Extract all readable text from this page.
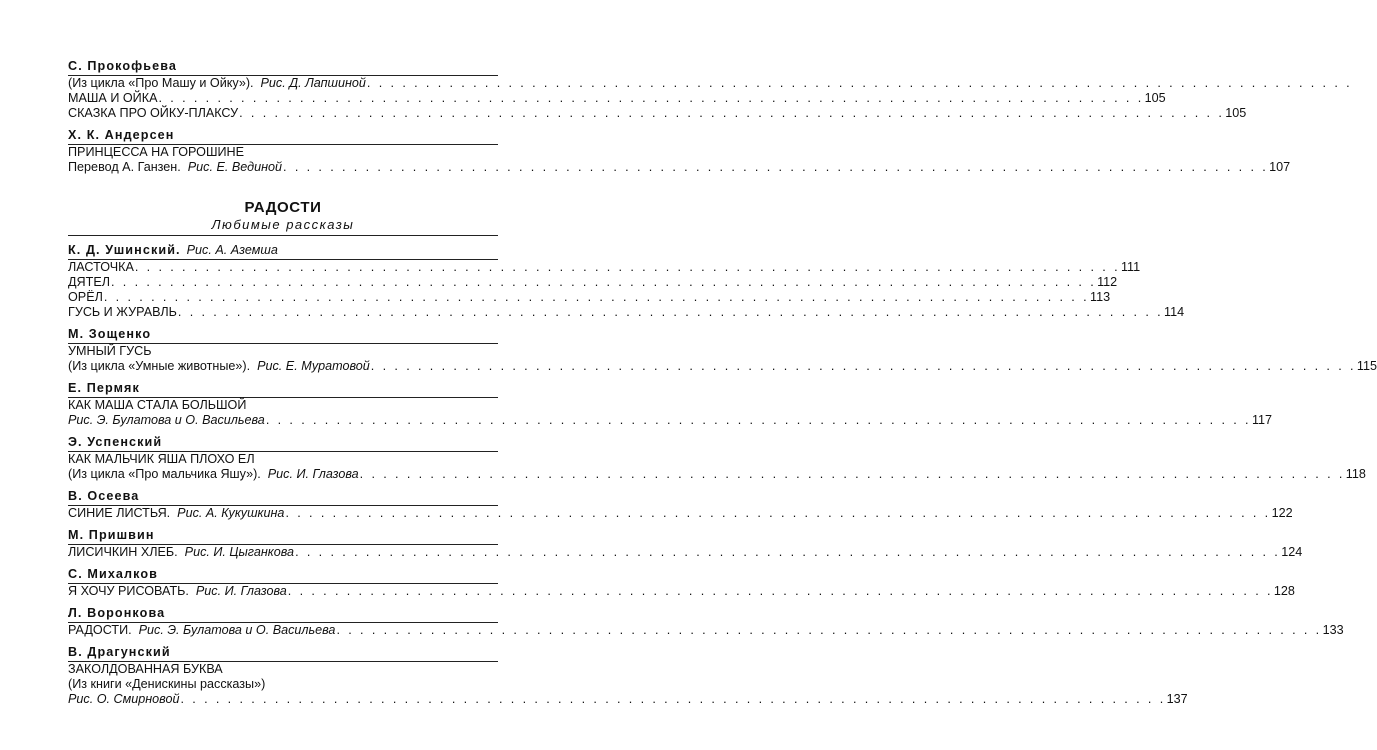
С. Прокофьева
(Из цикла «Про Машу и Ойку»). Рис. Д. Лапшиной . . . . . . . . . . . . . . . . . . . . . . . . . . . . . . . . . . . . . . . . . . . . . . . . . . . . . . . . . . . . . . . . . . . . . . . . . . . . . . . . . . . .
МАША И ОЙКА . . . . . . . . . . . . . . . . . . . . . . . . . . . . . . . . . . . . . . . . . . . . . . . . . . . . . . . . . . . . . . . . . . . . . . . . . . . . . . . . . . . . 105
СКАЗКА ПРО ОЙКУ-ПЛАКСУ . . . . . . . . . . . . . . . . . . . . . . . . . . . . . . . . . . . . . . . . . . . . . . . . . . . . . . . . . . . . . . . . . . . . . . . . . . . . . . . . . . . . 105
Х. К. Андерсен
ПРИНЦЕССА НА ГОРОШИНЕ
Перевод А. Ганзен. Рис. Е. Вединой . . . . . . . . . . . . . . . . . . . . . . . . . . . . . . . . . . . . . . . . . . . . . . . . . . . . . . . . . . . . . . . . . . . . . . . . . . . . . . . . . . . . 107
РАДОСТИ
Любимые рассказы
К. Д. Ушинский. Рис. А. Аземша
ЛАСТОЧКА . . . . . . . . . . . . . . . . . . . . . . . . . . . . . . . . . . . . . . . . . . . . . . . . . . . . . . . . . . . . . . . . . . . . . . . . . . . . . . . . . . . . 111
ДЯТЕЛ . . . . . . . . . . . . . . . . . . . . . . . . . . . . . . . . . . . . . . . . . . . . . . . . . . . . . . . . . . . . . . . . . . . . . . . . . . . . . . . . . . . . 112
ОРЁЛ . . . . . . . . . . . . . . . . . . . . . . . . . . . . . . . . . . . . . . . . . . . . . . . . . . . . . . . . . . . . . . . . . . . . . . . . . . . . . . . . . . . . 113
ГУСЬ И ЖУРАВЛЬ . . . . . . . . . . . . . . . . . . . . . . . . . . . . . . . . . . . . . . . . . . . . . . . . . . . . . . . . . . . . . . . . . . . . . . . . . . . . . . . . . . . . 114
М. Зощенко
УМНЫЙ ГУСЬ
(Из цикла «Умные животные»). Рис. Е. Муратовой . . . . . . . . . . . . . . . . . . . . . . . . . . . . . . . . . . . . . . . . . . . . . . . . . . . . . . . . . . . . . . . . . . . . . . . . . . . . . . . . . . . . 115
Е. Пермяк
КАК МАША СТАЛА БОЛЬШОЙ
Рис. Э. Булатова и О. Васильева . . . . . . . . . . . . . . . . . . . . . . . . . . . . . . . . . . . . . . . . . . . . . . . . . . . . . . . . . . . . . . . . . . . . . . . . . . . . . . . . . . . . 117
Э. Успенский
КАК МАЛЬЧИК ЯША ПЛОХО ЕЛ
(Из цикла «Про мальчика Яшу»). Рис. И. Глазова . . . . . . . . . . . . . . . . . . . . . . . . . . . . . . . . . . . . . . . . . . . . . . . . . . . . . . . . . . . . . . . . . . . . . . . . . . . . . . . . . . . . 118
В. Осеева
СИНИЕ ЛИСТЬЯ. Рис. А. Кукушкина . . . . . . . . . . . . . . . . . . . . . . . . . . . . . . . . . . . . . . . . . . . . . . . . . . . . . . . . . . . . . . . . . . . . . . . . . . . . . . . . . . . . 122
М. Пришвин
ЛИСИЧКИН ХЛЕБ. Рис. И. Цыганкова . . . . . . . . . . . . . . . . . . . . . . . . . . . . . . . . . . . . . . . . . . . . . . . . . . . . . . . . . . . . . . . . . . . . . . . . . . . . . . . . . . . . 124
С. Михалков
Я ХОЧУ РИСОВАТЬ. Рис. И. Глазова . . . . . . . . . . . . . . . . . . . . . . . . . . . . . . . . . . . . . . . . . . . . . . . . . . . . . . . . . . . . . . . . . . . . . . . . . . . . . . . . . . . . 128
Л. Воронкова
РАДОСТИ. Рис. Э. Булатова и О. Васильева . . . . . . . . . . . . . . . . . . . . . . . . . . . . . . . . . . . . . . . . . . . . . . . . . . . . . . . . . . . . . . . . . . . . . . . . . . . . . . . . . . . . 133
В. Драгунский
ЗАКОЛДОВАННАЯ БУКВА
(Из книги «Денискины рассказы»)
Рис. О. Смирновой . . . . . . . . . . . . . . . . . . . . . . . . . . . . . . . . . . . . . . . . . . . . . . . . . . . . . . . . . . . . . . . . . . . . . . . . . . . . . . . . . . . . 137
